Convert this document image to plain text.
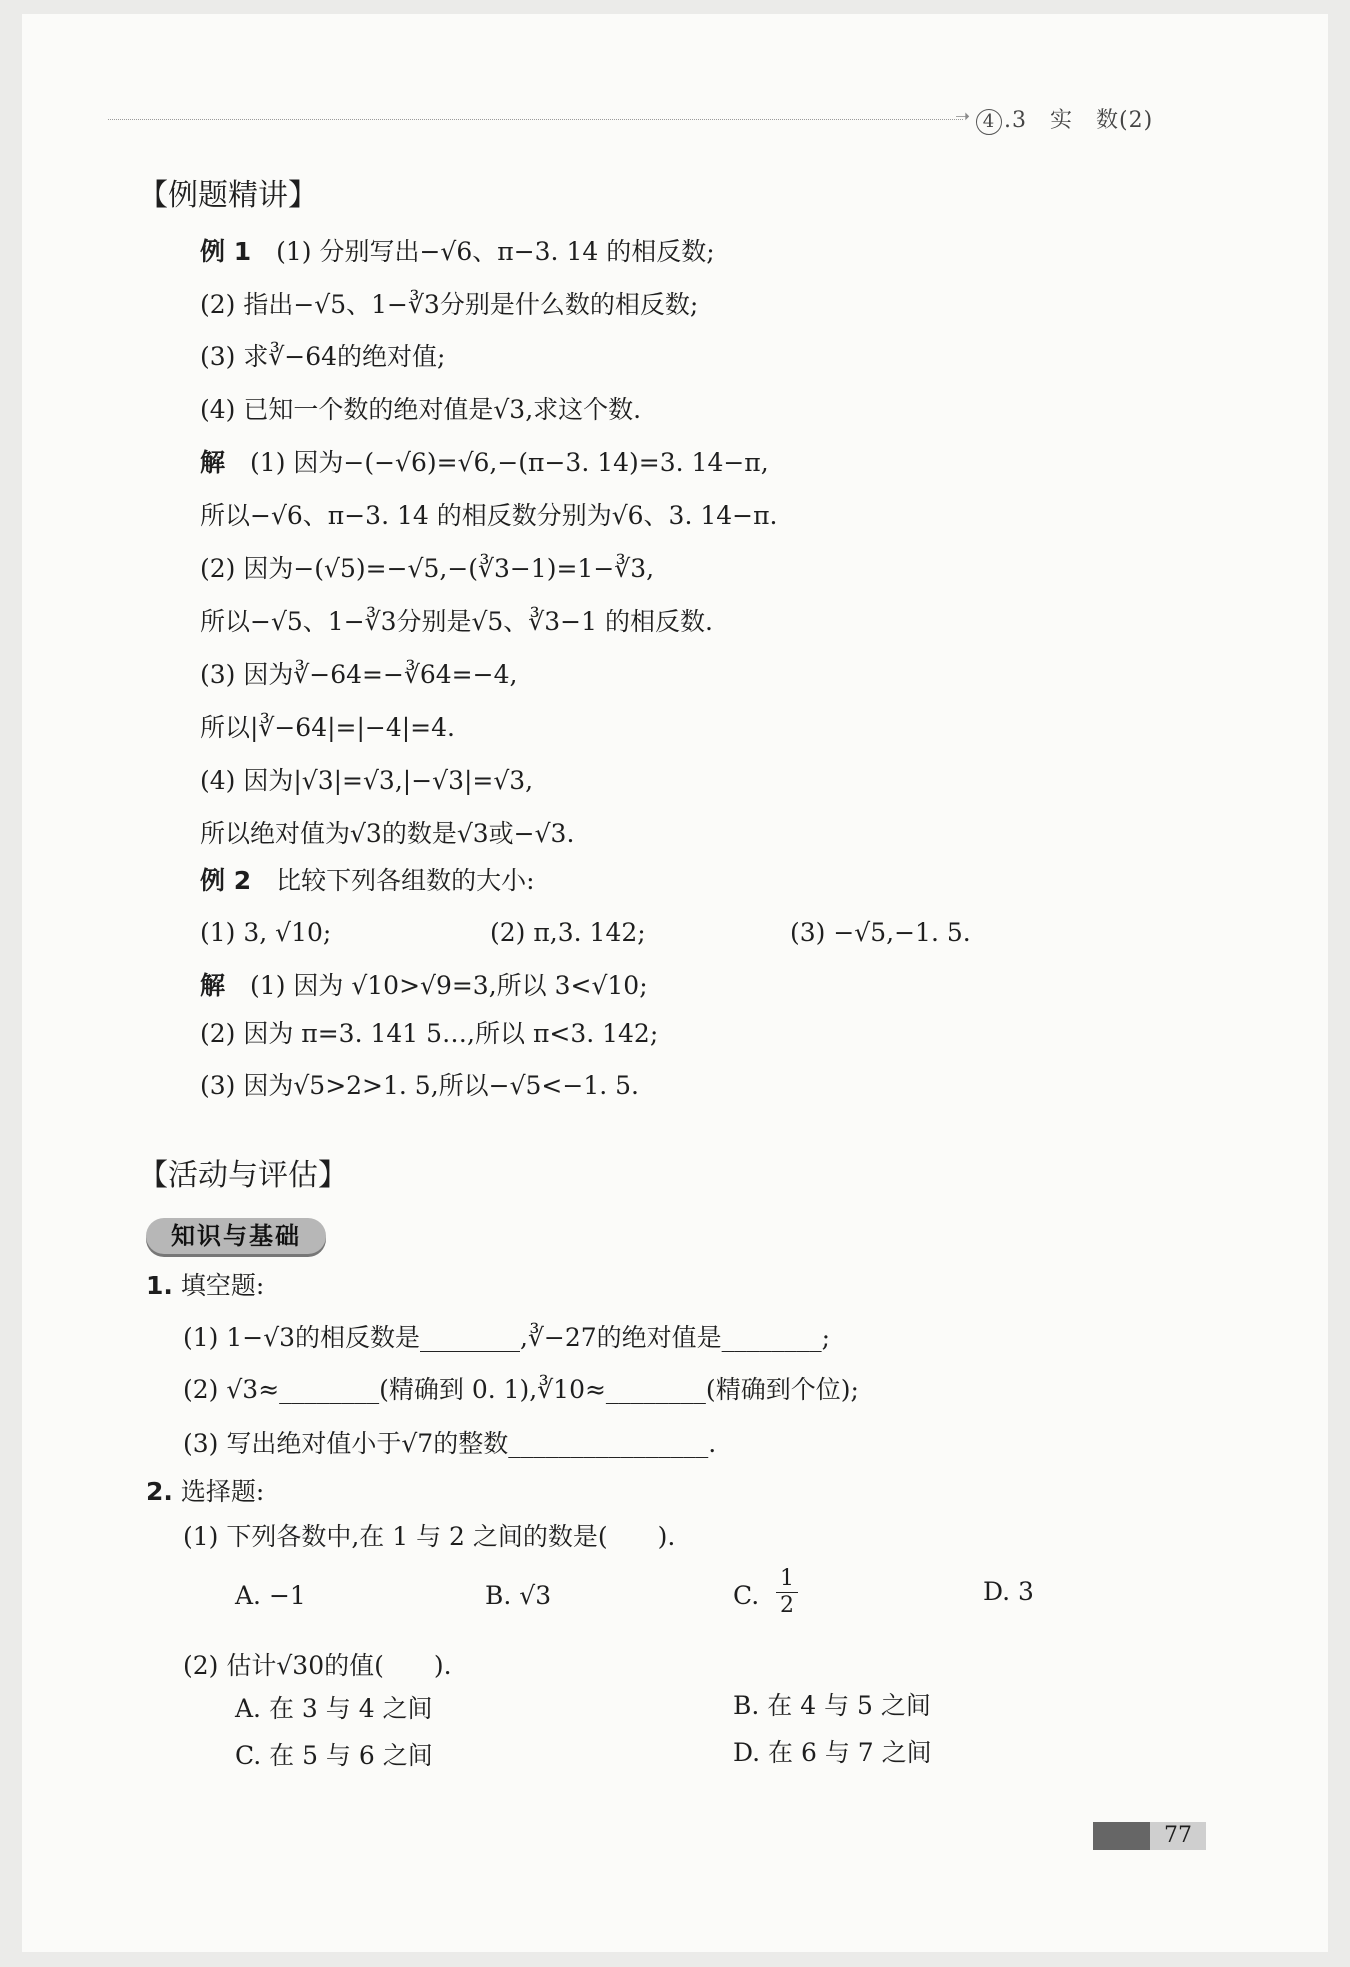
➝ 4 .3　实　数(2)
【例题精讲】
例 1　 (1) 分别写出−√6、π−3. 14 的相反数;
(2) 指出−√5、1−∛3分别是什么数的相反数;
(3) 求∛−64的绝对值;
(4) 已知一个数的绝对值是√3,求这个数.
解　 (1) 因为−(−√6)=√6,−(π−3. 14)=3. 14−π,
所以−√6、π−3. 14 的相反数分别为√6、3. 14−π.
(2) 因为−(√5)=−√5,−(∛3−1)=1−∛3,
所以−√5、1−∛3分别是√5、∛3−1 的相反数.
(3) 因为∛−64=−∛64=−4,
所以|∛−64|=|−4|=4.
(4) 因为|√3|=√3,|−√3|=√3,
所以绝对值为√3的数是√3或−√3.
例 2　 比较下列各组数的大小:
(1) 3, √10;	(2) π,3. 142;	(3) −√5,−1. 5.
解　 (1) 因为 √10>√9=3,所以 3<√10;
(2) 因为 π=3. 141 5…,所以 π<3. 142;
(3) 因为√5>2>1. 5,所以−√5<−1. 5.
【活动与评估】
知识与基础
1. 填空题:
(1) 1−√3的相反数是________,∛−27的绝对值是________;
(2) √3≈________(精确到 0. 1),∛10≈________(精确到个位);
(3) 写出绝对值小于√7的整数________________.
2. 选择题:
(1) 下列各数中,在 1 与 2 之间的数是(　　).
A. −1	B. √3	C. $\frac{1}{2}$	D. 3
(2) 估计√30的值(　　).
A. 在 3 与 4 之间	B. 在 4 与 5 之间
C. 在 5 与 6 之间	D. 在 6 与 7 之间
77
